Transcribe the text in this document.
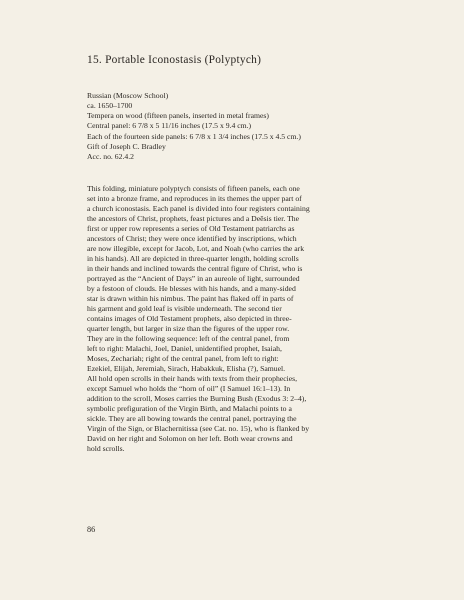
15. Portable Iconostasis (Polyptych)
Russian (Moscow School)
ca. 1650–1700
Tempera on wood (fifteen panels, inserted in metal frames)
Central panel: 6 7/8 x 5 11/16 inches (17.5 x 9.4 cm.)
Each of the fourteen side panels: 6 7/8 x 1 3/4 inches (17.5 x 4.5 cm.)
Gift of Joseph C. Bradley
Acc. no. 62.4.2
This folding, miniature polyptych consists of fifteen panels, each one
set into a bronze frame, and reproduces in its themes the upper part of
a church iconostasis. Each panel is divided into four registers containing
the ancestors of Christ, prophets, feast pictures and a Deēsis tier. The
first or upper row represents a series of Old Testament patriarchs as
ancestors of Christ; they were once identified by inscriptions, which
are now illegible, except for Jacob, Lot, and Noah (who carries the ark
in his hands). All are depicted in three-quarter length, holding scrolls
in their hands and inclined towards the central figure of Christ, who is
portrayed as the “Ancient of Days” in an aureole of light, surrounded
by a festoon of clouds. He blesses with his hands, and a many-sided
star is drawn within his nimbus. The paint has flaked off in parts of
his garment and gold leaf is visible underneath. The second tier
contains images of Old Testament prophets, also depicted in three-
quarter length, but larger in size than the figures of the upper row.
They are in the following sequence: left of the central panel, from
left to right: Malachi, Joel, Daniel, unidentified prophet, Isaiah,
Moses, Zechariah; right of the central panel, from left to right:
Ezekiel, Elijah, Jeremiah, Sirach, Habakkuk, Elisha (?), Samuel.
All hold open scrolls in their hands with texts from their prophecies,
except Samuel who holds the “horn of oil” (I Samuel 16:1–13). In
addition to the scroll, Moses carries the Burning Bush (Exodus 3: 2–4),
symbolic prefiguration of the Virgin Birth, and Malachi points to a
sickle. They are all bowing towards the central panel, portraying the
Virgin of the Sign, or Blachernitissa (see Cat. no. 15), who is flanked by
David on her right and Solomon on her left. Both wear crowns and
hold scrolls.
86
